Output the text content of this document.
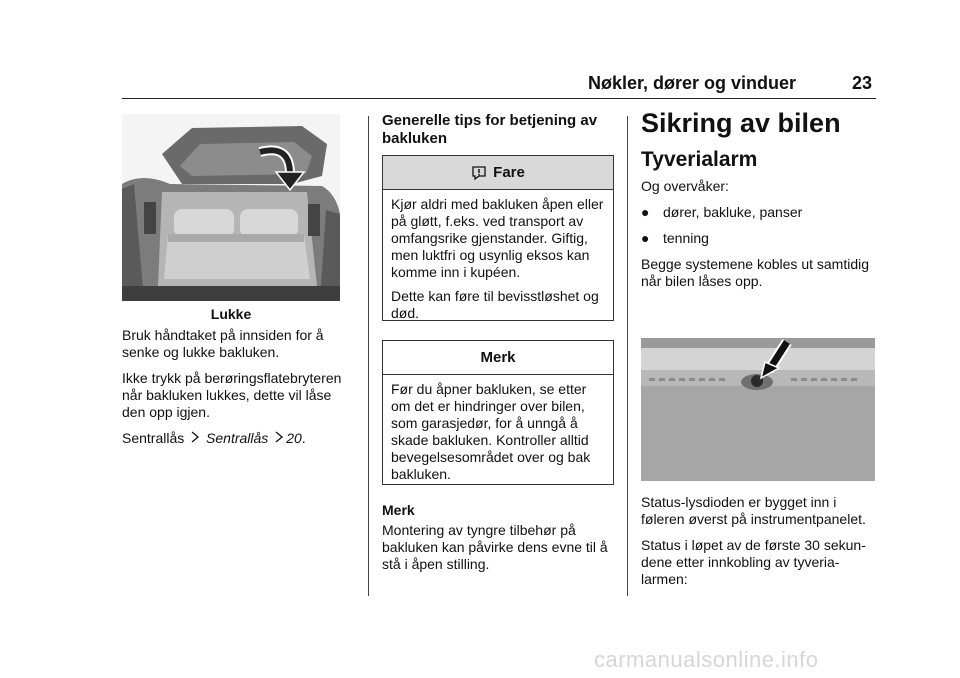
Nøkler, dører og vinduer	23
Lukke

Bruk håndtaket på innsiden for å senke og lukke bakluken.

Ikke trykk på berøringsflatebryteren når bakluken lukkes, dette vil låse den opp igjen.

Sentrallås Sentrallås 20.

Generelle tips for betjening av
bakluken
Fare

Kjør aldri med bakluken åpen eller på gløtt, f.eks. ved transport av omfangsrike gjenstander. Giftig, men luktfri og usynlig eksos kan komme inn i kupéen.

Dette kan føre til bevisstløshet og død.

Merk

Før du åpner bakluken, se etter om det er hindringer over bilen, som garasjedør, for å unngå å skade bakluken. Kontroller alltid bevegelsesområdet over og bak bakluken.

Merk

Montering av tyngre tilbehør på bakluken kan påvirke dens evne til å stå i åpen stilling.

Sikring av bilen
Tyverialarm

Og overvåker:

● dører, bakluke, panser
● tenning

Begge systemene kobles ut samtidig når bilen låses opp.

Status-lysdioden er bygget inn i føleren øverst på instrumentpanelet.

Status i løpet av de første 30 sekun-dene etter innkobling av tyveria-larmen:

carmanualsonline.info
